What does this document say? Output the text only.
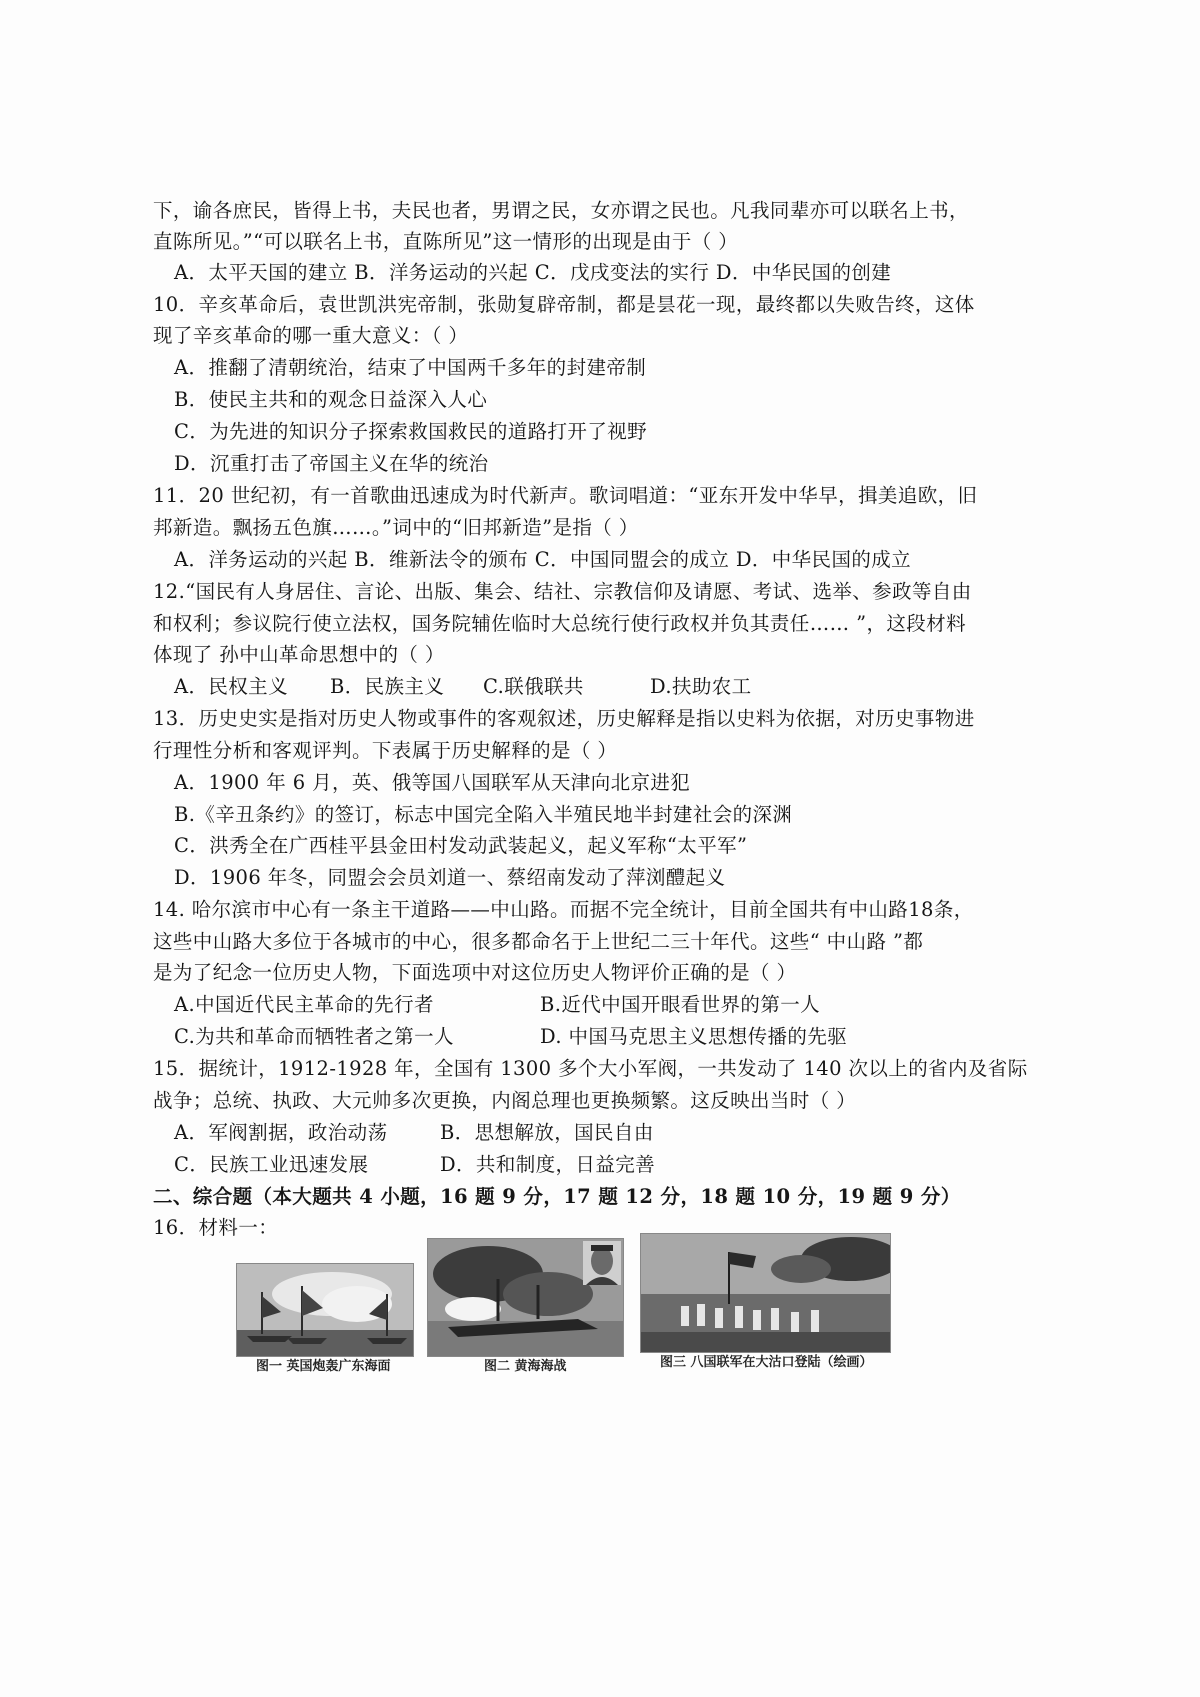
下，谕各庶民，皆得上书，夫民也者，男谓之民，女亦谓之民也。凡我同辈亦可以联名上书，
直陈所见。”“可以联名上书，直陈所见”这一情形的出现是由于（ ）
A．太平天国的建立 B．洋务运动的兴起 C．戊戌变法的实行 D．中华民国的创建
10．辛亥革命后，袁世凯洪宪帝制，张勋复辟帝制，都是昙花一现，最终都以失败告终，这体
现了辛亥革命的哪一重大意义：（ ）
A．推翻了清朝统治，结束了中国两千多年的封建帝制
B．使民主共和的观念日益深入人心
C．为先进的知识分子探索救国救民的道路打开了视野
D．沉重打击了帝国主义在华的统治
11．20 世纪初，有一首歌曲迅速成为时代新声。歌词唱道：“亚东开发中华早，揖美追欧，旧
邦新造。飘扬五色旗……。”词中的“旧邦新造”是指（ ）
A．洋务运动的兴起 B．维新法令的颁布 C．中国同盟会的成立 D．中华民国的成立
12.“国民有人身居住、言论、出版、集会、结社、宗教信仰及请愿、考试、选举、参政等自由
和权利；参议院行使立法权，国务院辅佐临时大总统行使行政权并负其责任…… ”，这段材料
体现了 孙中山革命思想中的（ ）
A．民权主义 B．民族主义 C.联俄联共	D.扶助农工
13．历史史实是指对历史人物或事件的客观叙述，历史解释是指以史料为依据，对历史事物进
行理性分析和客观评判。下表属于历史解释的是（ ）
A．1900 年 6 月，英、俄等国八国联军从天津向北京进犯
B.《辛丑条约》的签订，标志中国完全陷入半殖民地半封建社会的深渊
C．洪秀全在广西桂平县金田村发动武装起义，起义军称“太平军”
D．1906 年冬，同盟会会员刘道一、蔡绍南发动了萍浏醴起义
14. 哈尔滨市中心有一条主干道路——中山路。而据不完全统计，目前全国共有中山路18条，
这些中山路大多位于各城市的中心，很多都命名于上世纪二三十年代。这些“ 中山路 ”都
是为了纪念一位历史人物，下面选项中对这位历史人物评价正确的是（ ）
A.中国近代民主革命的先行者	B.近代中国开眼看世界的第一人
C.为共和革命而牺牲者之第一人	D. 中国马克思主义思想传播的先驱
15．据统计，1912-1928 年，全国有 1300 多个大小军阀，一共发动了 140 次以上的省内及省际
战争；总统、执政、大元帅多次更换，内阁总理也更换频繁。这反映出当时（ ）
A．军阀割据，政治动荡	B．思想解放，国民自由
C．民族工业迅速发展	D．共和制度，日益完善
二、综合题（本大题共 4 小题，16 题 9 分，17 题 12 分，18 题 10 分，19 题 9 分）
16．材料一：
图一 英国炮轰广东海面	图二 黄海海战	图三 八国联军在大沽口登陆（绘画）
